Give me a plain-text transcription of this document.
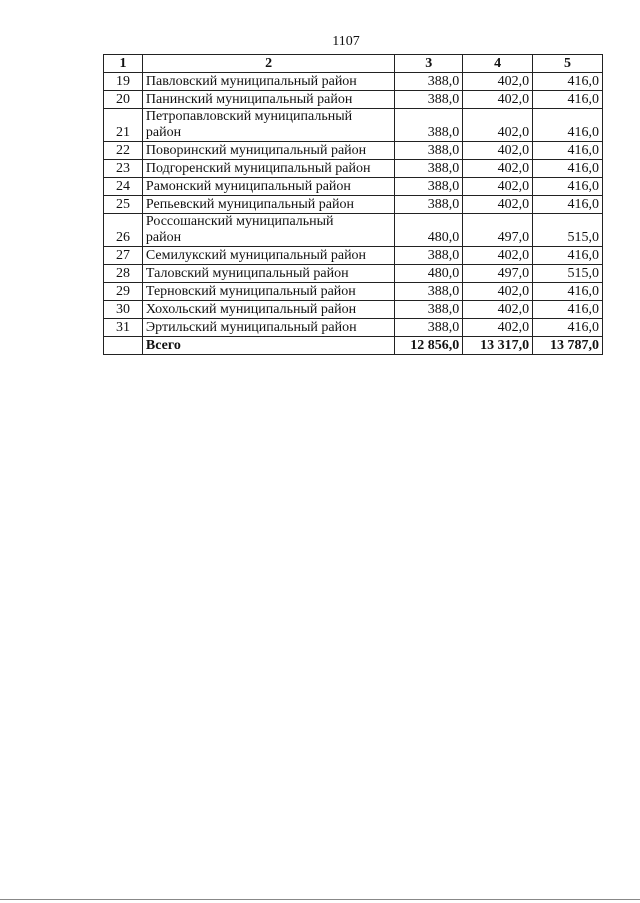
1107
1	2	3	4	5
19	Павловский муниципальный район	388,0	402,0	416,0
20	Панинский муниципальный район	388,0	402,0	416,0
21	Петропавловский муниципальный
район	388,0	402,0	416,0
22	Поворинский муниципальный район	388,0	402,0	416,0
23	Подгоренский муниципальный район	388,0	402,0	416,0
24	Рамонский муниципальный район	388,0	402,0	416,0
25	Репьевский муниципальный район	388,0	402,0	416,0
26	Россошанский муниципальный
район	480,0	497,0	515,0
27	Семилукский муниципальный район	388,0	402,0	416,0
28	Таловский муниципальный район	480,0	497,0	515,0
29	Терновский муниципальный район	388,0	402,0	416,0
30	Хохольский муниципальный район	388,0	402,0	416,0
31	Эртильский муниципальный район	388,0	402,0	416,0
	Всего	12 856,0	13 317,0	13 787,0
